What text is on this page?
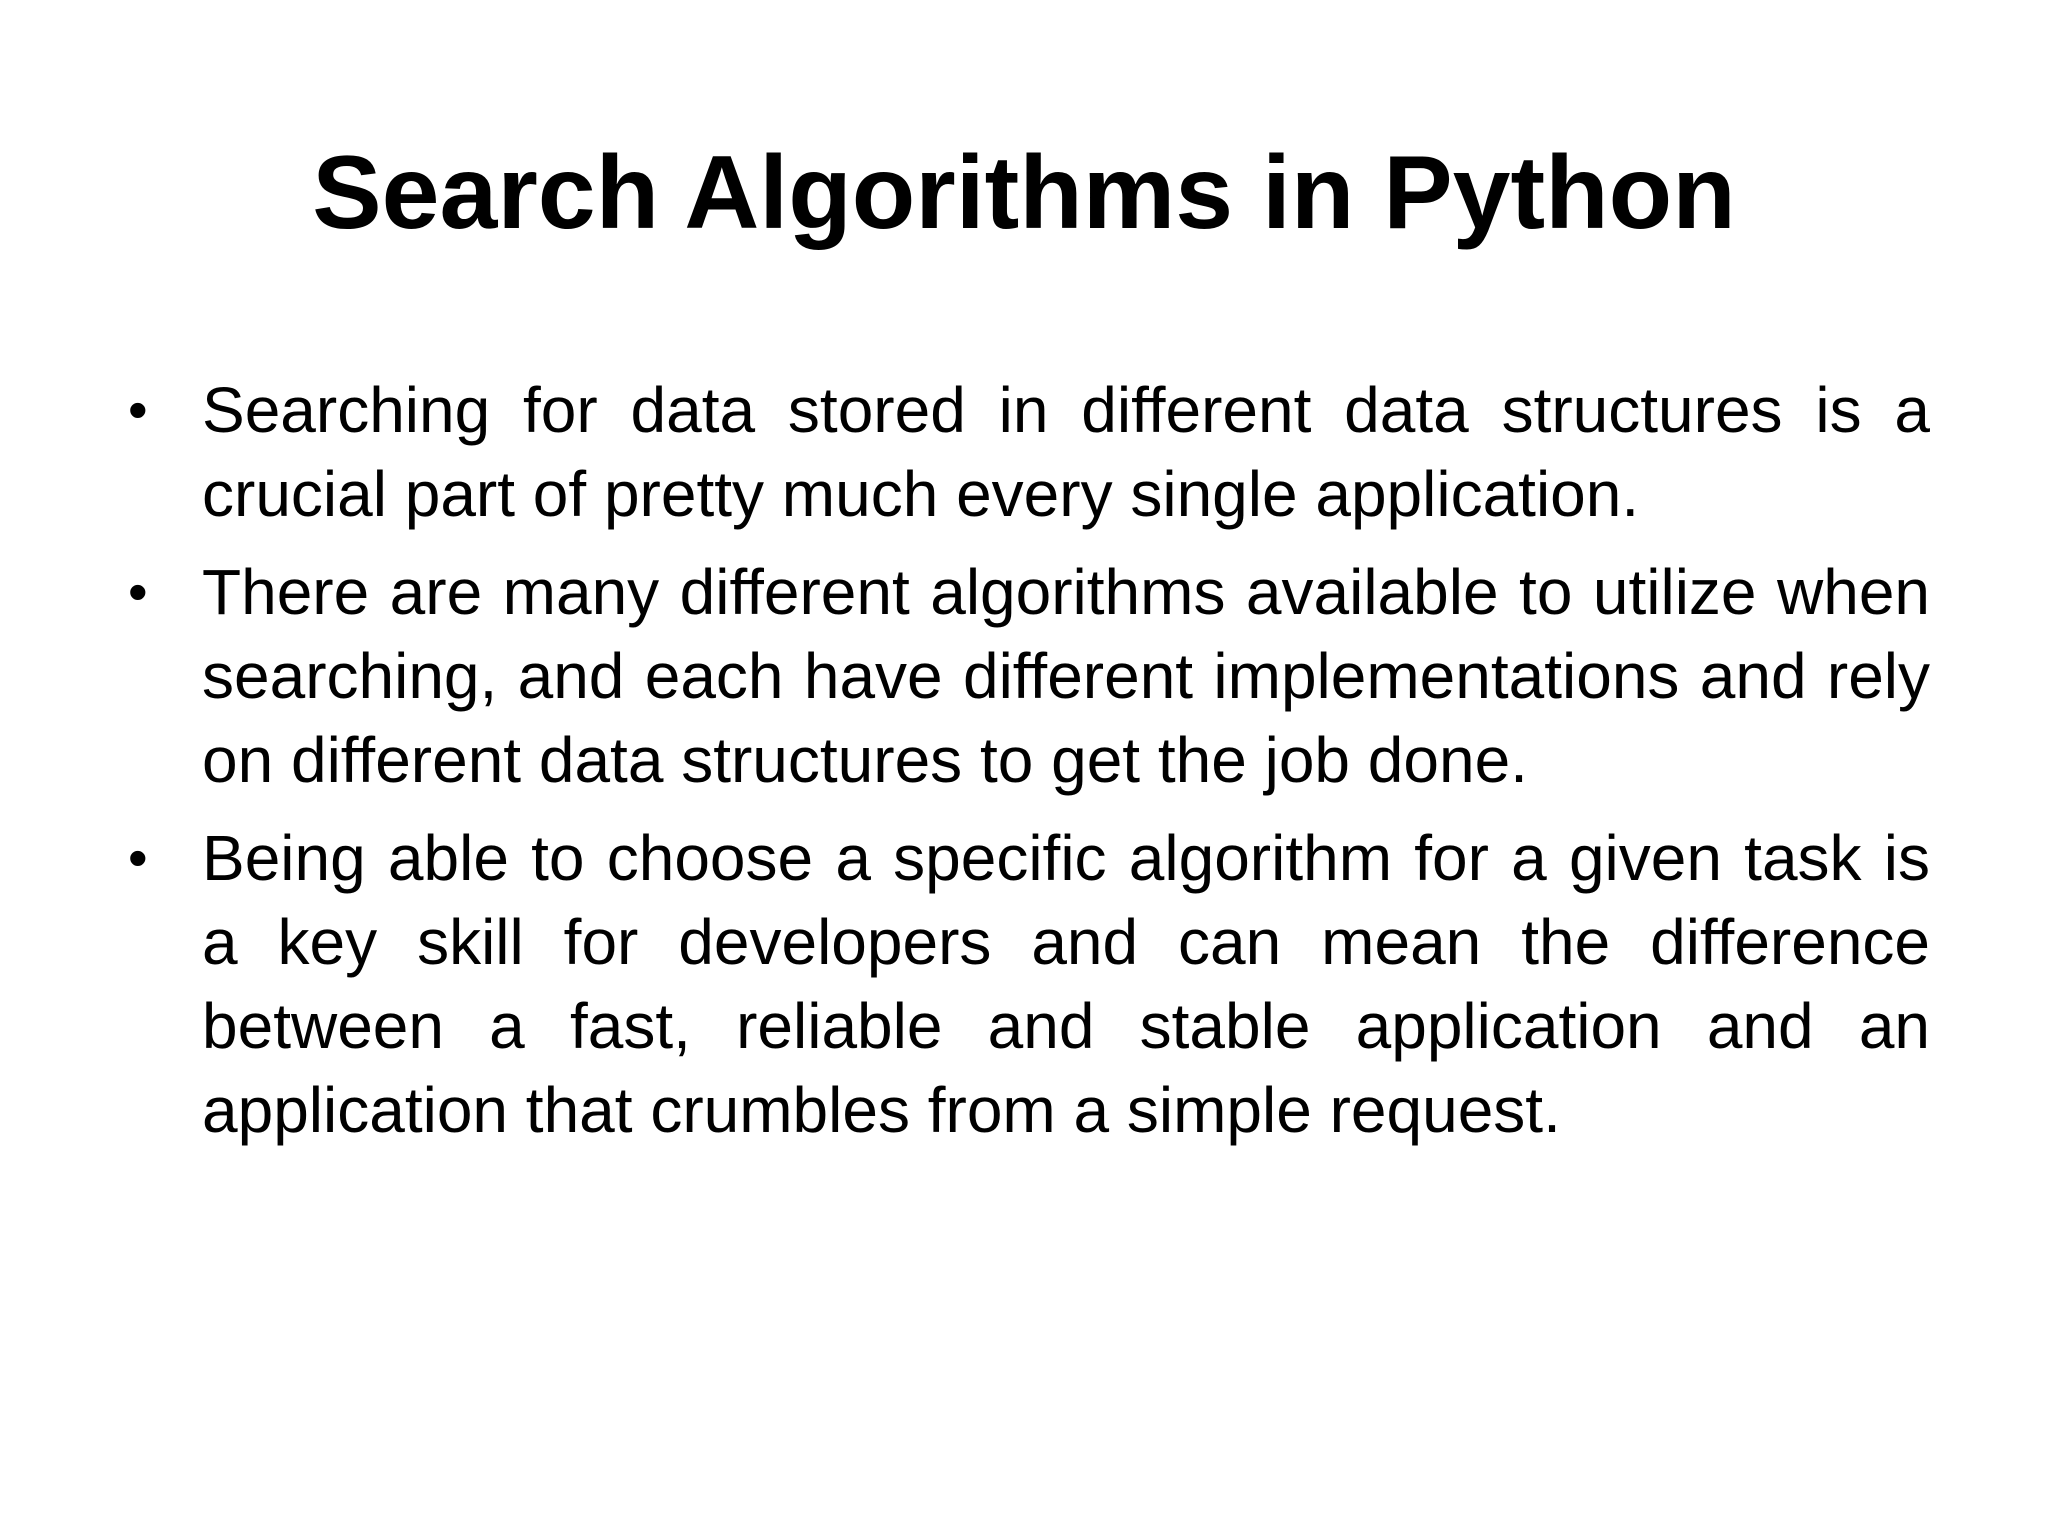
Search Algorithms in Python
• Searching for data stored in different data structures is a crucial part of pretty much every single application.
• There are many different algorithms available to utilize when searching, and each have different implementations and rely on different data structures to get the job done.
• Being able to choose a specific algorithm for a given task is a key skill for developers and can mean the difference between a fast, reliable and stable application and an application that crumbles from a simple request.
